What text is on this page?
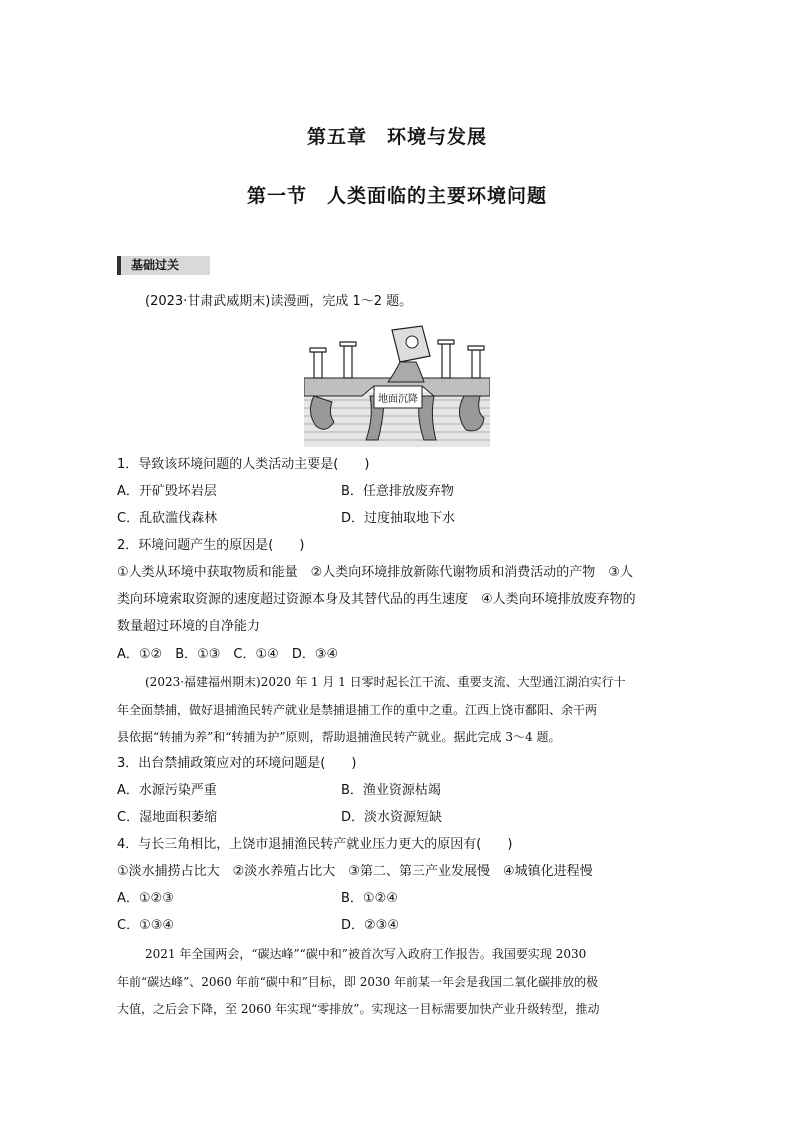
第五章　环境与发展
第一节　人类面临的主要环境问题
基础过关
(2023·甘肃武威期末)读漫画，完成 1～2 题。
地面沉降
1．导致该环境问题的人类活动主要是(　　)
A．开矿毁坏岩层	B．任意排放废弃物
C．乱砍滥伐森林	D．过度抽取地下水
2．环境问题产生的原因是(　　)
①人类从环境中获取物质和能量　②人类向环境排放新陈代谢物质和消费活动的产物　③人
类向环境索取资源的速度超过资源本身及其替代品的再生速度　④人类向环境排放废弃物的
数量超过环境的自净能力
A．①②　B．①③　C．①④　D．③④
(2023·福建福州期末)2020 年 1 月 1 日零时起长江干流、重要支流、大型通江湖泊实行十
年全面禁捕，做好退捕渔民转产就业是禁捕退捕工作的重中之重。江西上饶市鄱阳、余干两
县依据“转捕为养”和“转捕为护”原则，帮助退捕渔民转产就业。据此完成 3～4 题。
3．出台禁捕政策应对的环境问题是(　　)
A．水源污染严重	B．渔业资源枯竭
C．湿地面积萎缩	D．淡水资源短缺
4．与长三角相比，上饶市退捕渔民转产就业压力更大的原因有(　　)
①淡水捕捞占比大　②淡水养殖占比大　③第二、第三产业发展慢　④城镇化进程慢
A．①②③	B．①②④
C．①③④	D．②③④
2021 年全国两会，“碳达峰”“碳中和”被首次写入政府工作报告。我国要实现 2030
年前“碳达峰”、2060 年前“碳中和”目标，即 2030 年前某一年会是我国二氧化碳排放的极
大值，之后会下降，至 2060 年实现“零排放”。实现这一目标需要加快产业升级转型，推动
